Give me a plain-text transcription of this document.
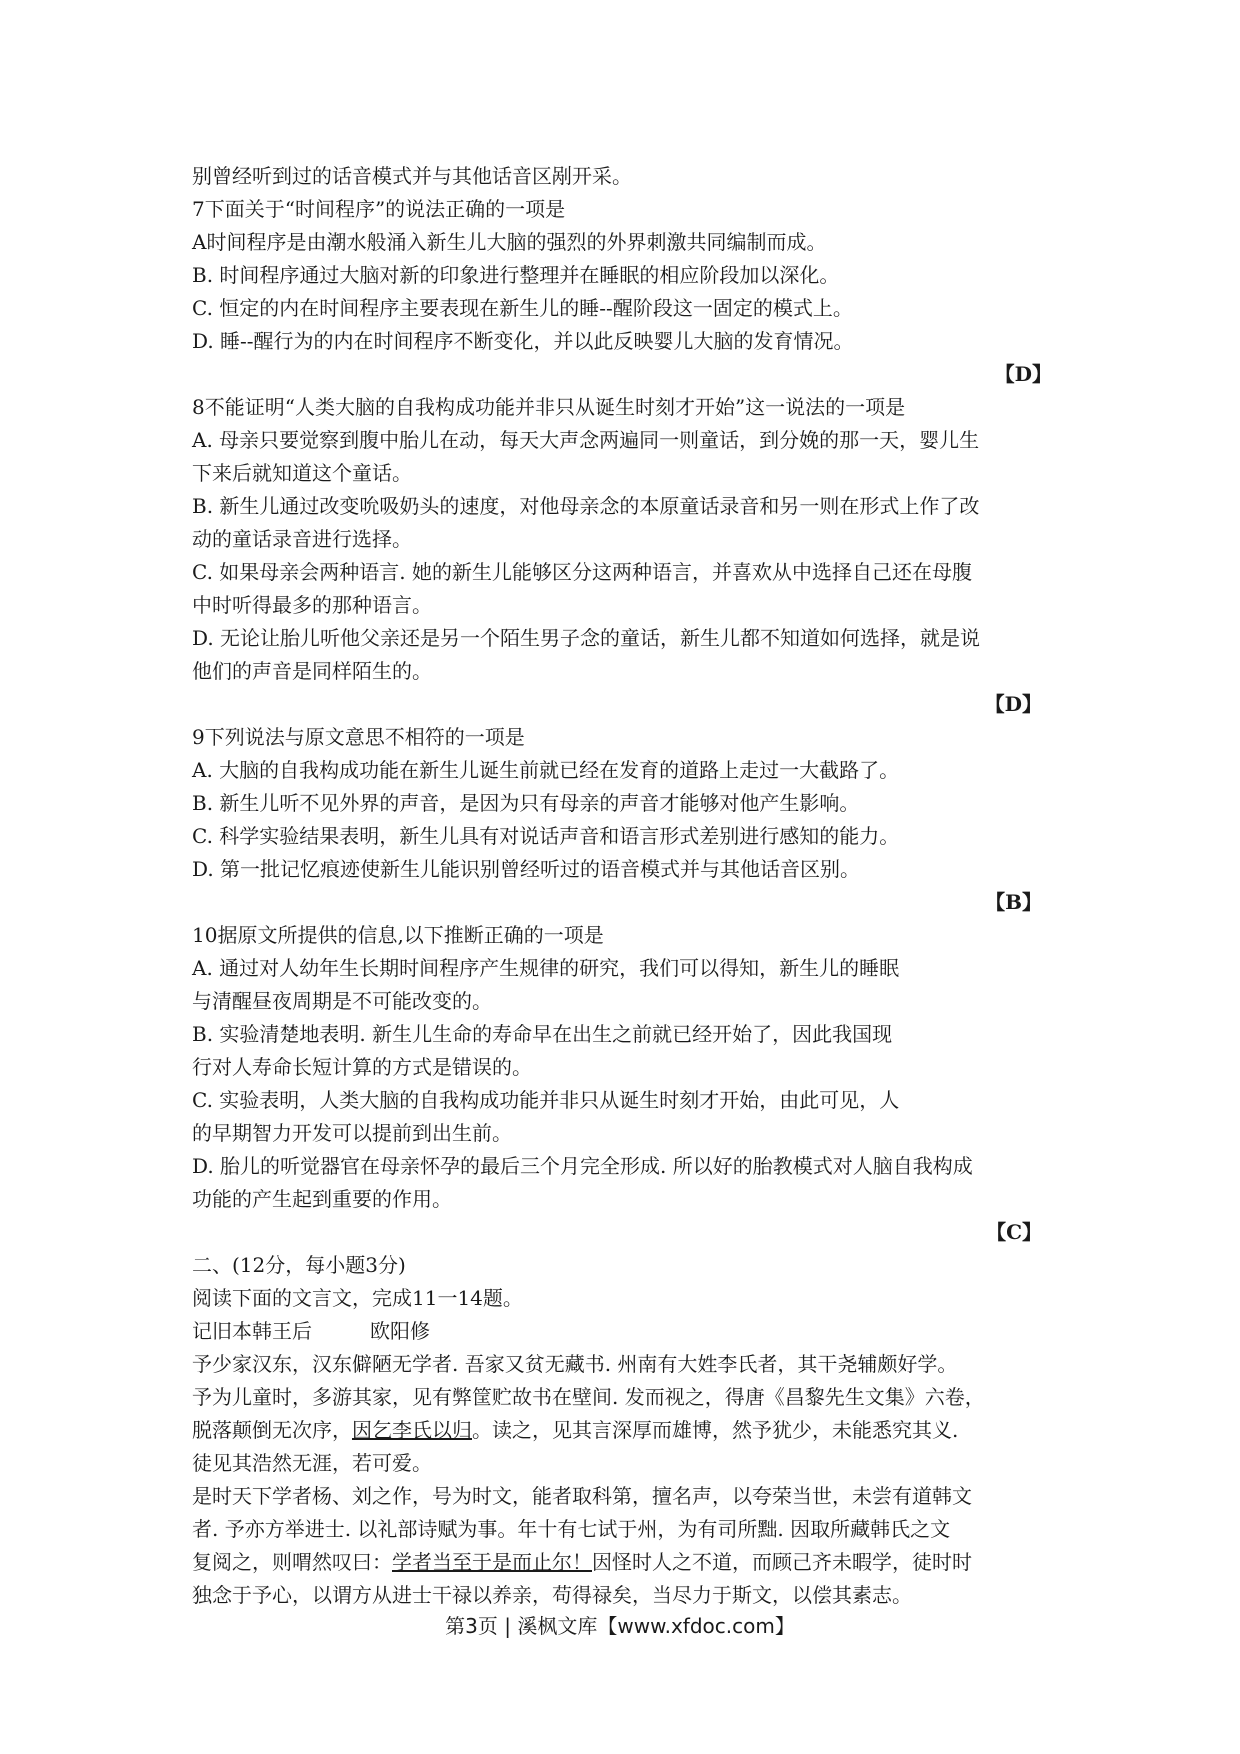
别曾经听到过的话音模式并与其他话音区剐开采。
7下面关于“时间程序”的说法正确的一项是
A时间程序是由潮水般涌入新生儿大脑的强烈的外界刺激共同编制而成。
B. 时间程序通过大脑对新的印象进行整理并在睡眠的相应阶段加以深化。
C. 恒定的内在时间程序主要表现在新生儿的睡--醒阶段这一固定的模式上。
D. 睡--醒行为的内在时间程序不断变化，并以此反映婴儿大脑的发育情况。
【D】
8不能证明“人类大脑的自我构成功能并非只从诞生时刻才开始”这一说法的一项是
A. 母亲只要觉察到腹中胎儿在动，每天大声念两遍同一则童话，到分娩的那一天，婴儿生
下来后就知道这个童话。
B. 新生儿通过改变吮吸奶头的速度，对他母亲念的本原童话录音和另一则在形式上作了改
动的童话录音进行选择。
C. 如果母亲会两种语言. 她的新生儿能够区分这两种语言，并喜欢从中选择自己还在母腹
中时听得最多的那种语言。
D. 无论让胎儿听他父亲还是另一个陌生男子念的童话，新生儿都不知道如何选择，就是说
他们的声音是同样陌生的。
【D】
9下列说法与原文意思不相符的一项是
A. 大脑的自我构成功能在新生儿诞生前就已经在发育的道路上走过一大截路了。
B. 新生儿听不见外界的声音，是因为只有母亲的声音才能够对他产生影响。
C. 科学实验结果表明，新生儿具有对说话声音和语言形式差别进行感知的能力。
D. 第一批记忆痕迹使新生儿能识别曾经听过的语音模式并与其他话音区别。
【B】
10据原文所提供的信息,以下推断正确的一项是
A. 通过对人幼年生长期时间程序产生规律的研究，我们可以得知，新生儿的睡眠
与清醒昼夜周期是不可能改变的。
B. 实验清楚地表明. 新生儿生命的寿命早在出生之前就已经开始了，因此我国现
行对人寿命长短计算的方式是错误的。
C. 实验表明，人类大脑的自我构成功能并非只从诞生时刻才开始，由此可见，人
的早期智力开发可以提前到出生前。
D. 胎儿的听觉器官在母亲怀孕的最后三个月完全形成. 所以好的胎教模式对人脑自我构成
功能的产生起到重要的作用。
【C】
二、(12分，每小题3分)
阅读下面的文言文，完成11一14题。
记旧本韩王后	欧阳修
予少家汉东，汉东僻陋无学者. 吾家又贫无藏书. 州南有大姓李氏者，其干尧辅颇好学。
予为儿童时，多游其家，见有弊筐贮故书在壁间. 发而视之，得唐《昌黎先生文集》六卷，
脱落颠倒无次序，因乞李氏以归。读之，见其言深厚而雄博，然予犹少，未能悉究其义.
徒见其浩然无涯，若可爱。
是时天下学者杨、刘之作，号为时文，能者取科第，擅名声，以夸荣当世，未尝有道韩文
者. 予亦方举进士. 以礼部诗赋为事。年十有七试于州，为有司所黜. 因取所藏韩氏之文
复阅之，则喟然叹曰：学者当至于是而止尔！因怪时人之不道，而顾己齐未暇学，徒时时
独念于予心，以谓方从进士干禄以养亲，苟得禄矣，当尽力于斯文，以偿其素志。
第3页 | 溪枫文库【www.xfdoc.com】
